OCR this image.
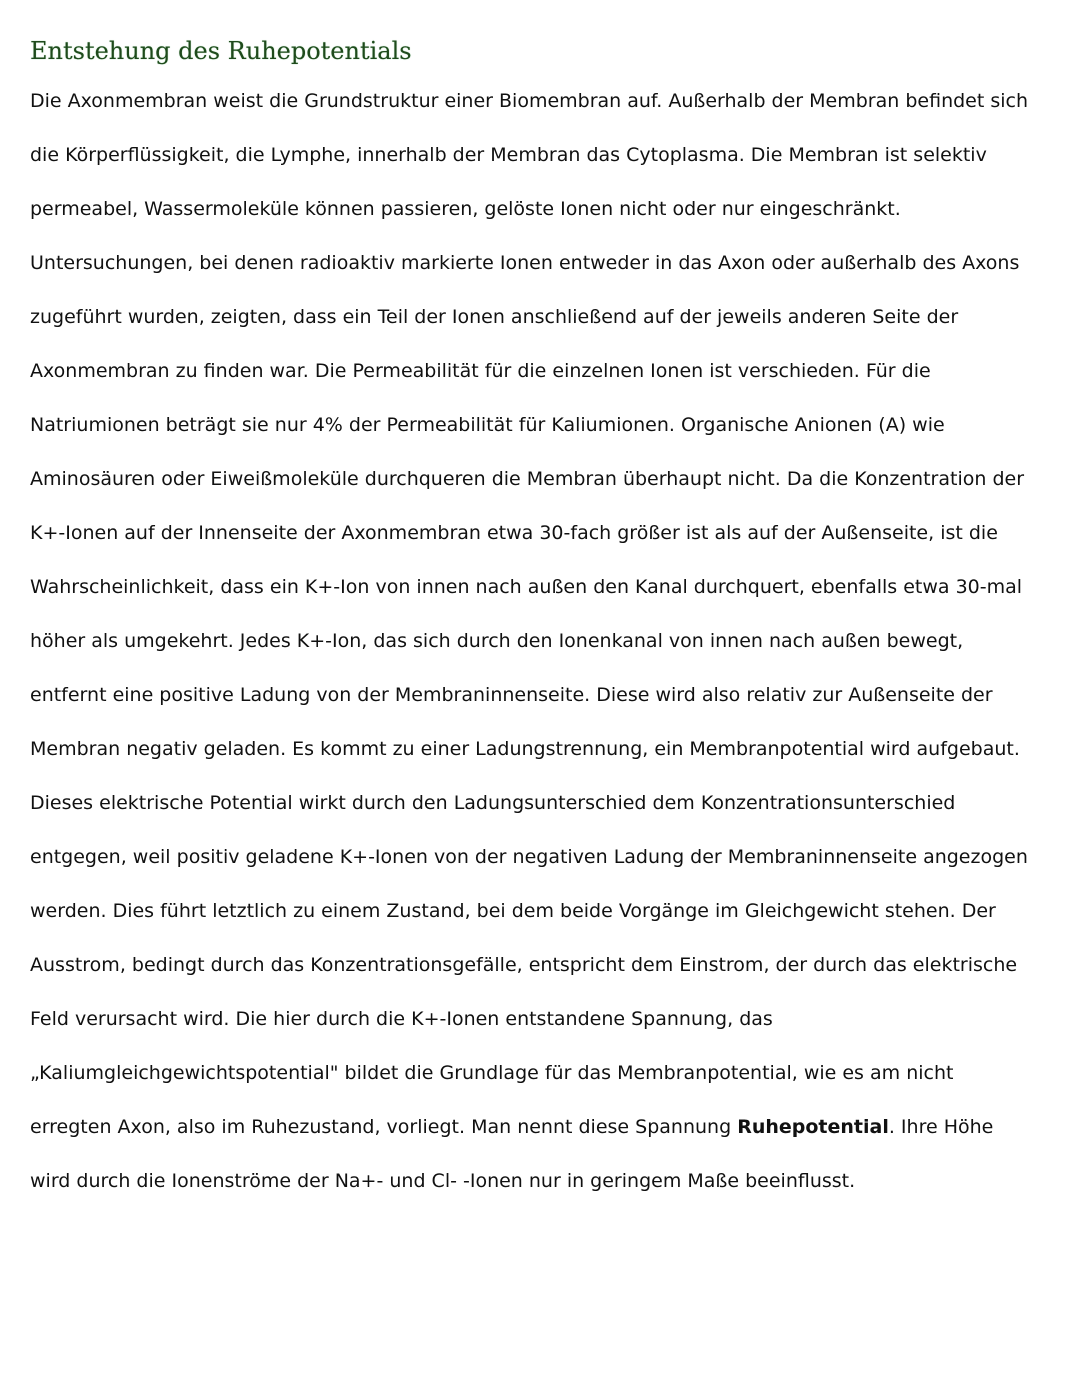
Entstehung des Ruhepotentials
Die Axonmembran weist die Grundstruktur einer Biomembran auf. Außerhalb der Membran befindet sich
die Körperflüssigkeit, die Lymphe, innerhalb der Membran das Cytoplasma. Die Membran ist selektiv
permeabel, Wassermoleküle können passieren, gelöste Ionen nicht oder nur eingeschränkt.
Untersuchungen, bei denen radioaktiv markierte Ionen entweder in das Axon oder außerhalb des Axons
zugeführt wurden, zeigten, dass ein Teil der Ionen anschließend auf der jeweils anderen Seite der
Axonmembran zu finden war. Die Permeabilität für die einzelnen Ionen ist verschieden. Für die
Natriumionen beträgt sie nur 4% der Permeabilität für Kaliumionen. Organische Anionen (A) wie
Aminosäuren oder Eiweißmoleküle durchqueren die Membran überhaupt nicht. Da die Konzentration der
K+-Ionen auf der Innenseite der Axonmembran etwa 30-fach größer ist als auf der Außenseite, ist die
Wahrscheinlichkeit, dass ein K+-Ion von innen nach außen den Kanal durchquert, ebenfalls etwa 30-mal
höher als umgekehrt. Jedes K+-Ion, das sich durch den Ionenkanal von innen nach außen bewegt,
entfernt eine positive Ladung von der Membraninnenseite. Diese wird also relativ zur Außenseite der
Membran negativ geladen. Es kommt zu einer Ladungstrennung, ein Membranpotential wird aufgebaut.
Dieses elektrische Potential wirkt durch den Ladungsunterschied dem Konzentrationsunterschied
entgegen, weil positiv geladene K+-Ionen von der negativen Ladung der Membraninnenseite angezogen
werden. Dies führt letztlich zu einem Zustand, bei dem beide Vorgänge im Gleichgewicht stehen. Der
Ausstrom, bedingt durch das Konzentrationsgefälle, entspricht dem Einstrom, der durch das elektrische
Feld verursacht wird. Die hier durch die K+-Ionen entstandene Spannung, das
„Kaliumgleichgewichtspotential" bildet die Grundlage für das Membranpotential, wie es am nicht
erregten Axon, also im Ruhezustand, vorliegt. Man nennt diese Spannung Ruhepotential. Ihre Höhe
wird durch die Ionenströme der Na+- und Cl- -Ionen nur in geringem Maße beeinflusst.
